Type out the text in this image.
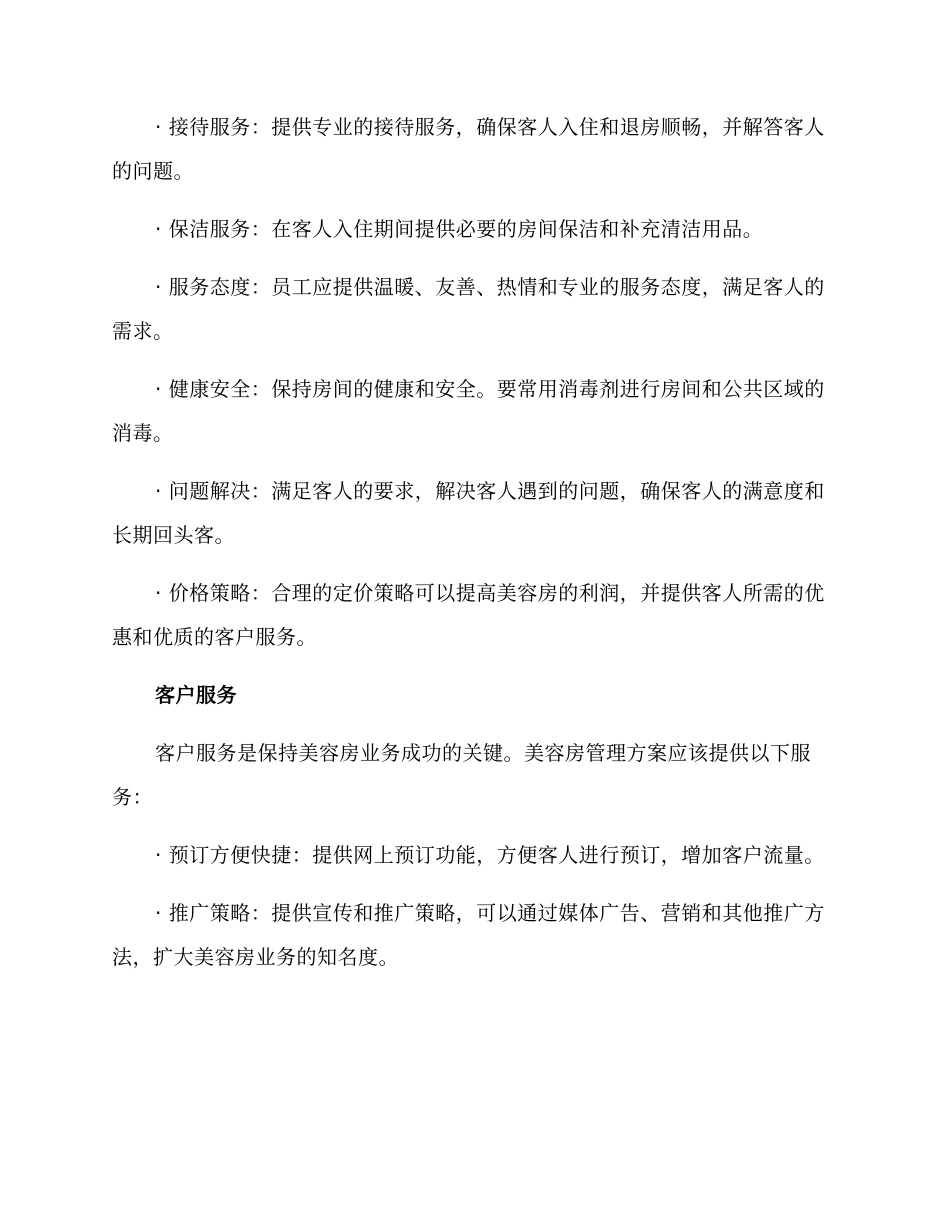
· 接待服务：提供专业的接待服务，确保客人入住和退房顺畅，并解答客人的问题。

· 保洁服务：在客人入住期间提供必要的房间保洁和补充清洁用品。

· 服务态度：员工应提供温暖、友善、热情和专业的服务态度，满足客人的需求。

· 健康安全：保持房间的健康和安全。要常用消毒剂进行房间和公共区域的消毒。

· 问题解决：满足客人的要求，解决客人遇到的问题，确保客人的满意度和长期回头客。

· 价格策略：合理的定价策略可以提高美容房的利润，并提供客人所需的优惠和优质的客户服务。

客户服务

客户服务是保持美容房业务成功的关键。美容房管理方案应该提供以下服务：

· 预订方便快捷：提供网上预订功能，方便客人进行预订，增加客户流量。

· 推广策略：提供宣传和推广策略，可以通过媒体广告、营销和其他推广方法，扩大美容房业务的知名度。
